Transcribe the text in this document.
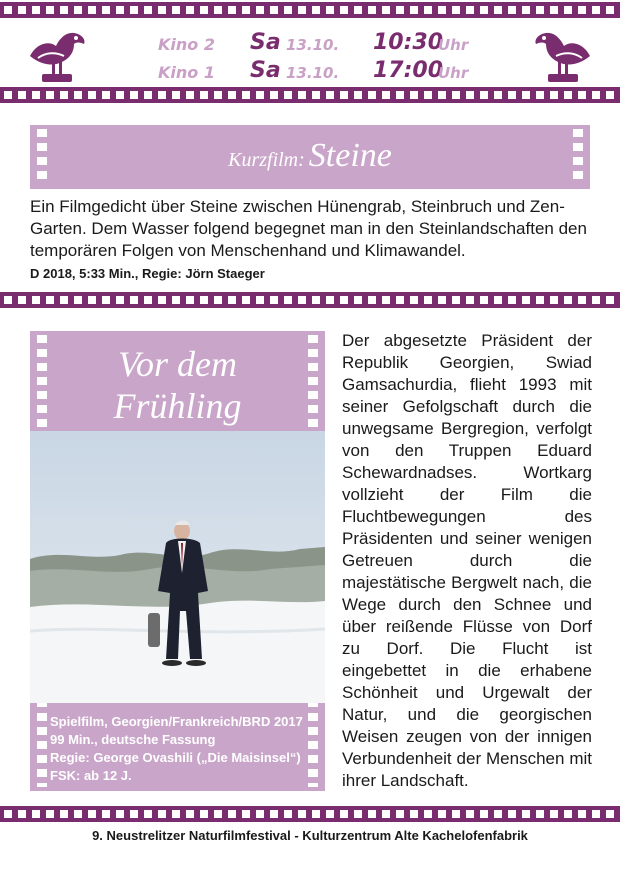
Kino 2 Sa 13.10. 10:30
Uhr
Kino 1 Sa 13.10. 17:00
Uhr
Kurzfilm: Steine

Ein Filmgedicht über Steine zwischen Hünengrab, Steinbruch und Zen-Garten. Dem Wasser folgend begegnet man in den Steinlandschaften den temporären Folgen von Menschenhand und Klimawandel.

D 2018, 5:33 Min., Regie: Jörn Staeger
Vor dem
Frühling
Spielfilm, Georgien/Frankreich/BRD 2017
99 Min., deutsche Fassung
Regie: George Ovashili („Die Maisinsel“)
FSK: ab 12 J.

Der abgesetzte Präsident der Republik Georgien, Swiad Gamsachurdia, flieht 1993 mit seiner Gefolgschaft durch die unwegsame Bergregion, verfolgt von den Truppen Eduard Schewardnadses. Wortkarg vollzieht der Film die Fluchtbewegungen des Präsidenten und seiner wenigen Getreuen durch die majestätische Bergwelt nach, die Wege durch den Schnee und über reißende Flüsse von Dorf zu Dorf. Die Flucht ist eingebettet in die erhabene Schönheit und Urgewalt der Natur, und die georgischen Weisen zeugen von der innigen Verbundenheit der Menschen mit ihrer Landschaft.

9. Neustrelitzer Naturfilmfestival - Kulturzentrum Alte Kachelofenfabrik
